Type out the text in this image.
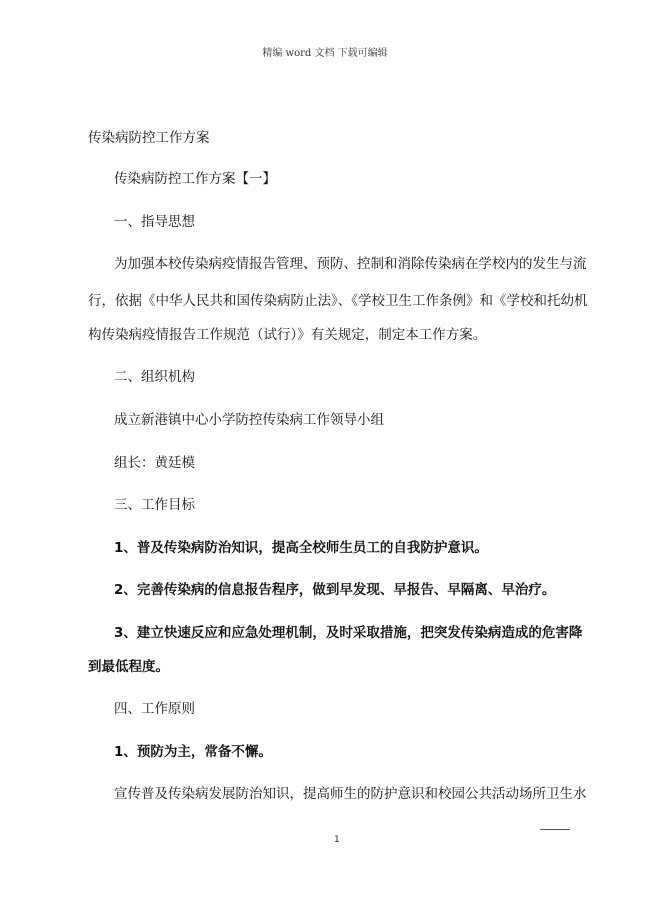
精编 word 文档 下载可编辑
传染病防控工作方案
传染病防控工作方案【一】
一、指导思想
为加强本校传染病疫情报告管理、预防、控制和消除传染病在学校内的发生与流
行，依据《中华人民共和国传染病防止法》、《学校卫生工作条例》和《学校和托幼机
构传染病疫情报告工作规范（试行）》有关规定，制定本工作方案。
二、组织机构
成立新港镇中心小学防控传染病工作领导小组
组长：黄廷模
三、工作目标
1、普及传染病防治知识，提高全校师生员工的自我防护意识。
2、完善传染病的信息报告程序，做到早发现、早报告、早隔离、早治疗。
3、建立快速反应和应急处理机制，及时采取措施，把突发传染病造成的危害降
到最低程度。
四、工作原则
1、预防为主，常备不懈。
宣传普及传染病发展防治知识，提高师生的防护意识和校园公共活动场所卫生水
1
